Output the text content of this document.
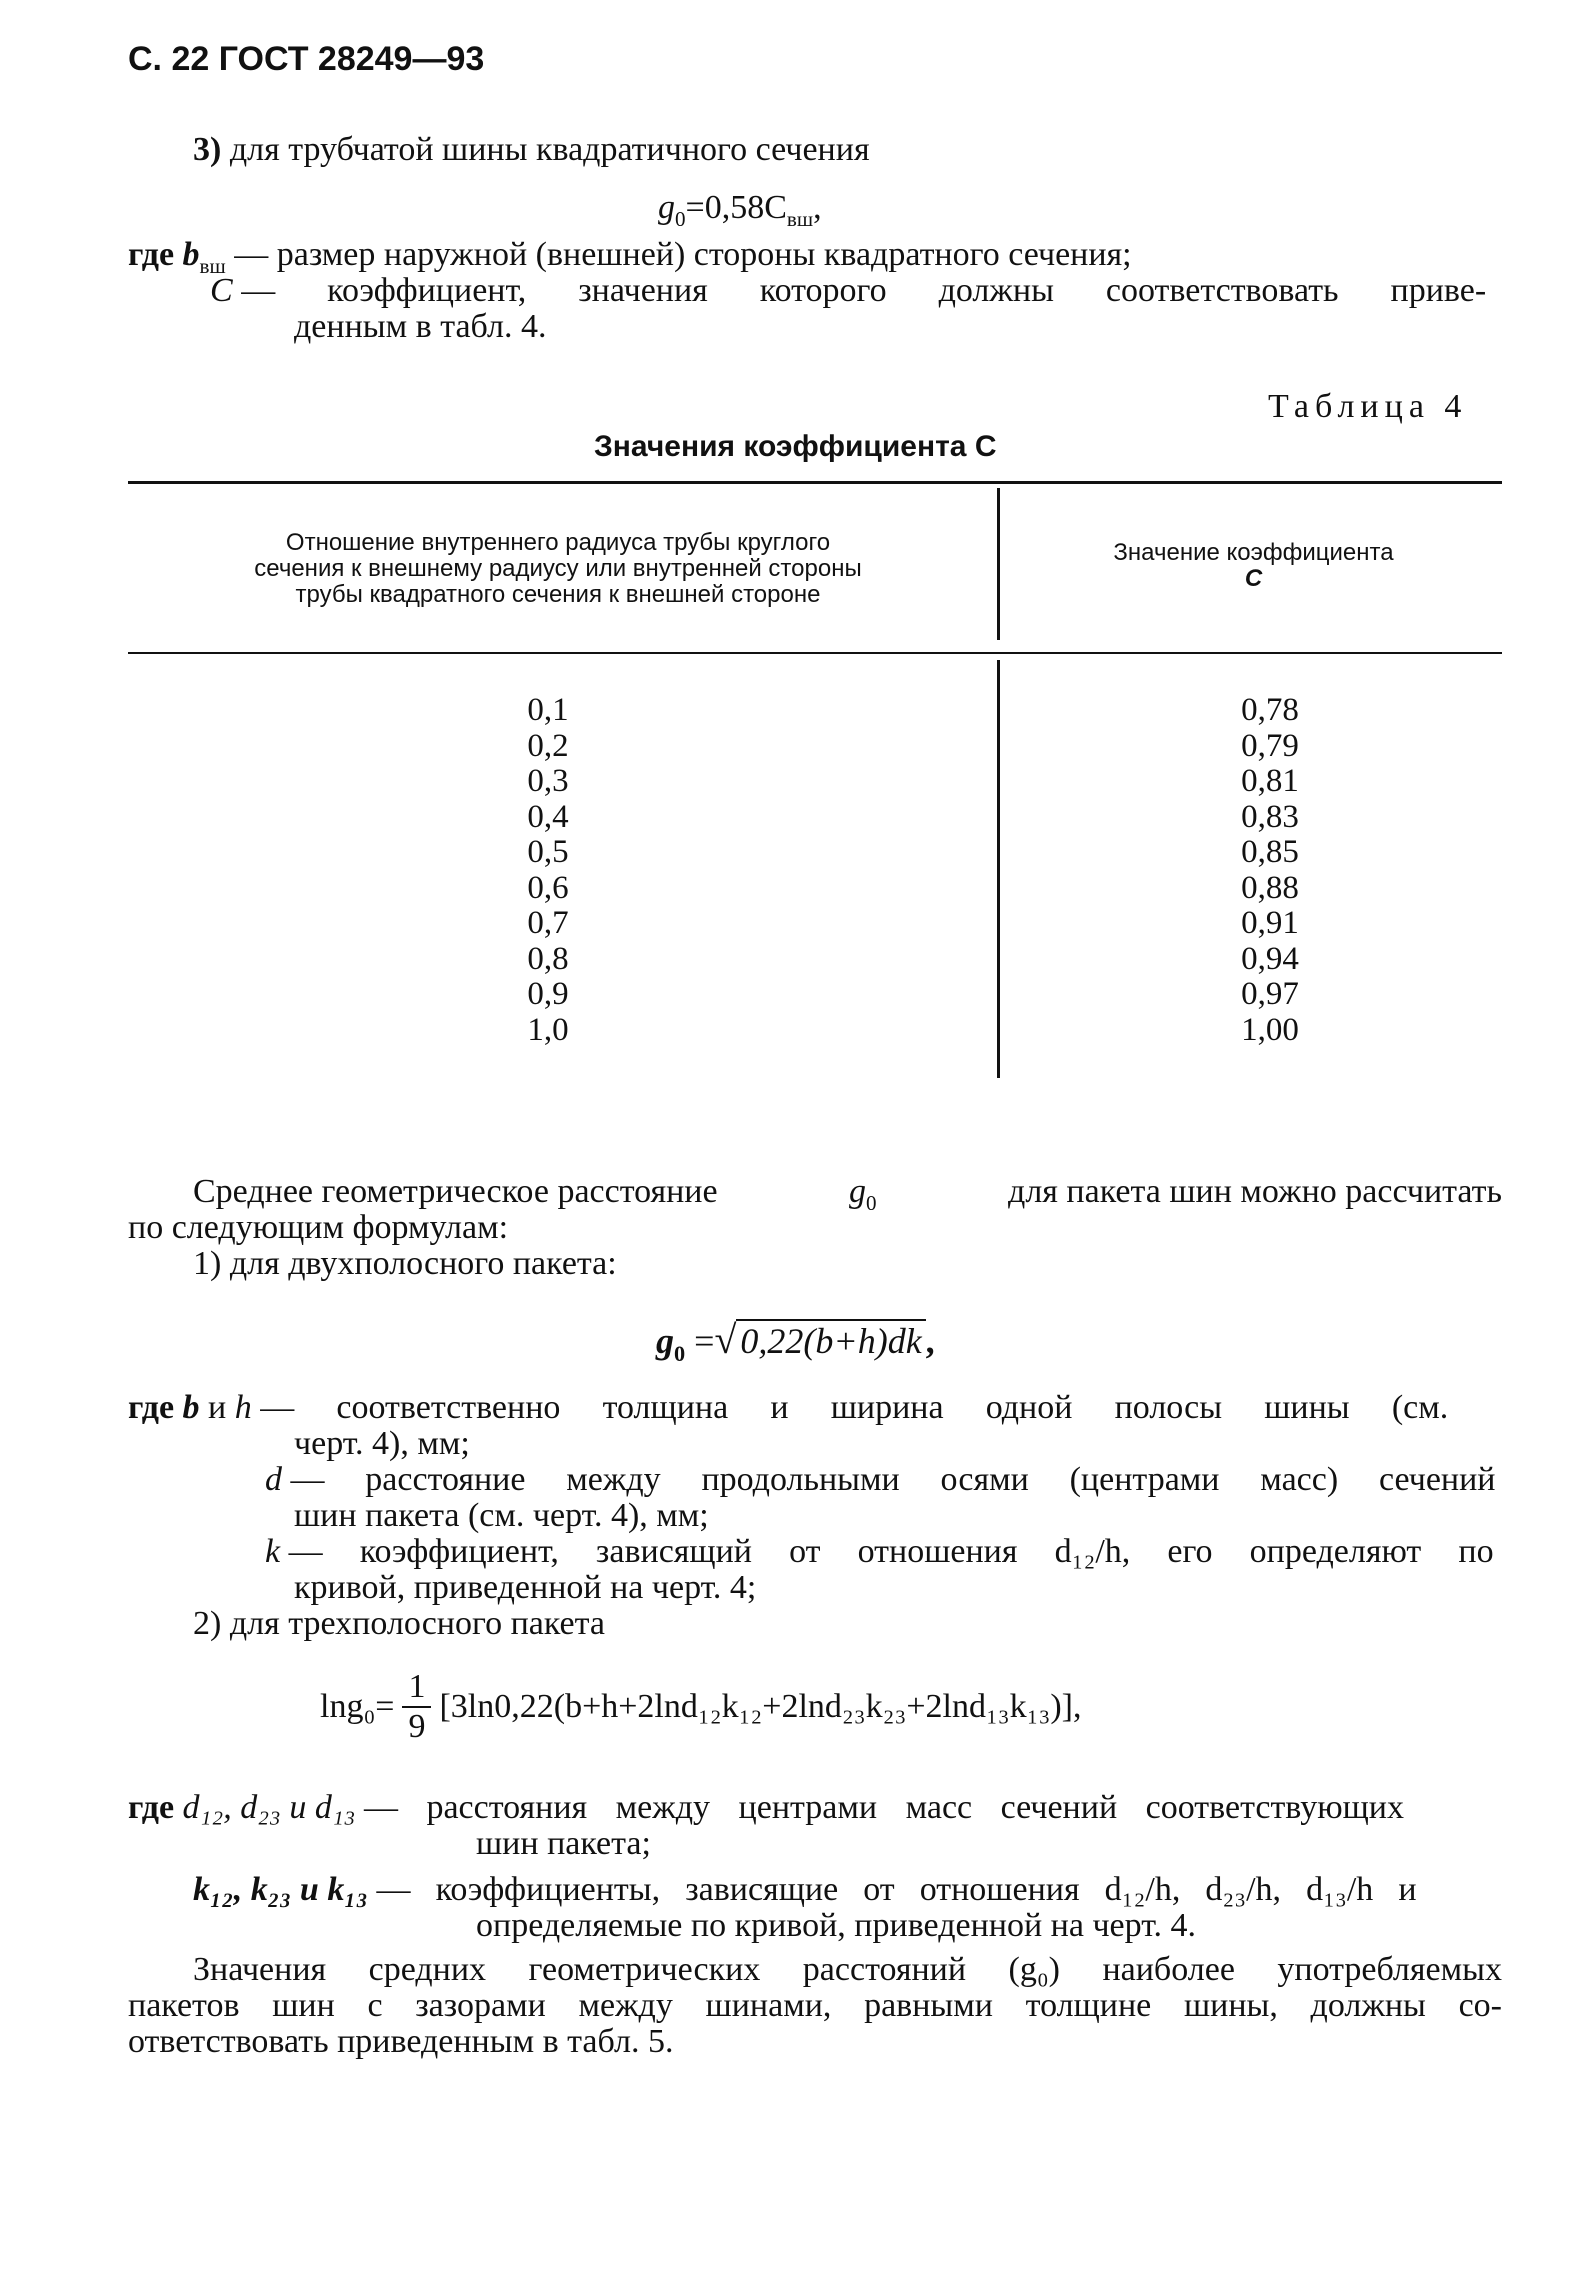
С. 22 ГОСТ 28249—93
3) для трубчатой шины квадратичного сечения
$g_0=0,58C_{вш}$,
где $b_{вш}$ — размер наружной (внешней) стороны квадратного сечения;
C — коэффициент, значения которого должны соответствовать приве-
денным в табл. 4.
Таблица 4
Значения коэффициента С
Отношение внутреннего радиуса трубы круглого
сечения к внешнему радиусу или внутренней стороны
трубы квадратного сечения к внешней стороне
Значение коэффициента
C
0,1
0,2
0,3
0,4
0,5
0,6
0,7
0,8
0,9
1,0
0,78
0,79
0,81
0,83
0,85
0,88
0,91
0,94
0,97
1,00
Среднее геометрическое расстояние	$g_0$	для пакета шин можно рассчитать
по следующим формулам:
1) для двухполосного пакета:
$g_0$ =√ 0,22(b+h)dk ,
где b и h — соответственно толщина и ширина одной полосы шины (см.
черт. 4), мм;
d — расстояние между продольными осями (центрами масс) сечений
шин пакета (см. черт. 4), мм;
k — коэффициент, зависящий от отношения d₁₂/h, его определяют по
кривой, приведенной на черт. 4;
2) для трехполосного пакета
$\ln g_0= \frac{1}{9} [3\ln 0,22(b+h+2\ln d_{12}k_{12}+2\ln d_{23}k_{23}+2\ln d_{13}k_{13})]$,
где d₁₂, d₂₃ и d₁₃ — расстояния между центрами масс сечений соответствующих
шин пакета;
k₁₂, k₂₃ и k₁₃ — коэффициенты, зависящие от отношения d₁₂/h, d₂₃/h, d₁₃/h и
определяемые по кривой, приведенной на черт. 4.
Значения средних геометрических расстояний (g₀) наиболее употребляемых
пакетов шин с зазорами между шинами, равными толщине шины, должны со-
ответствовать приведенным в табл. 5.
